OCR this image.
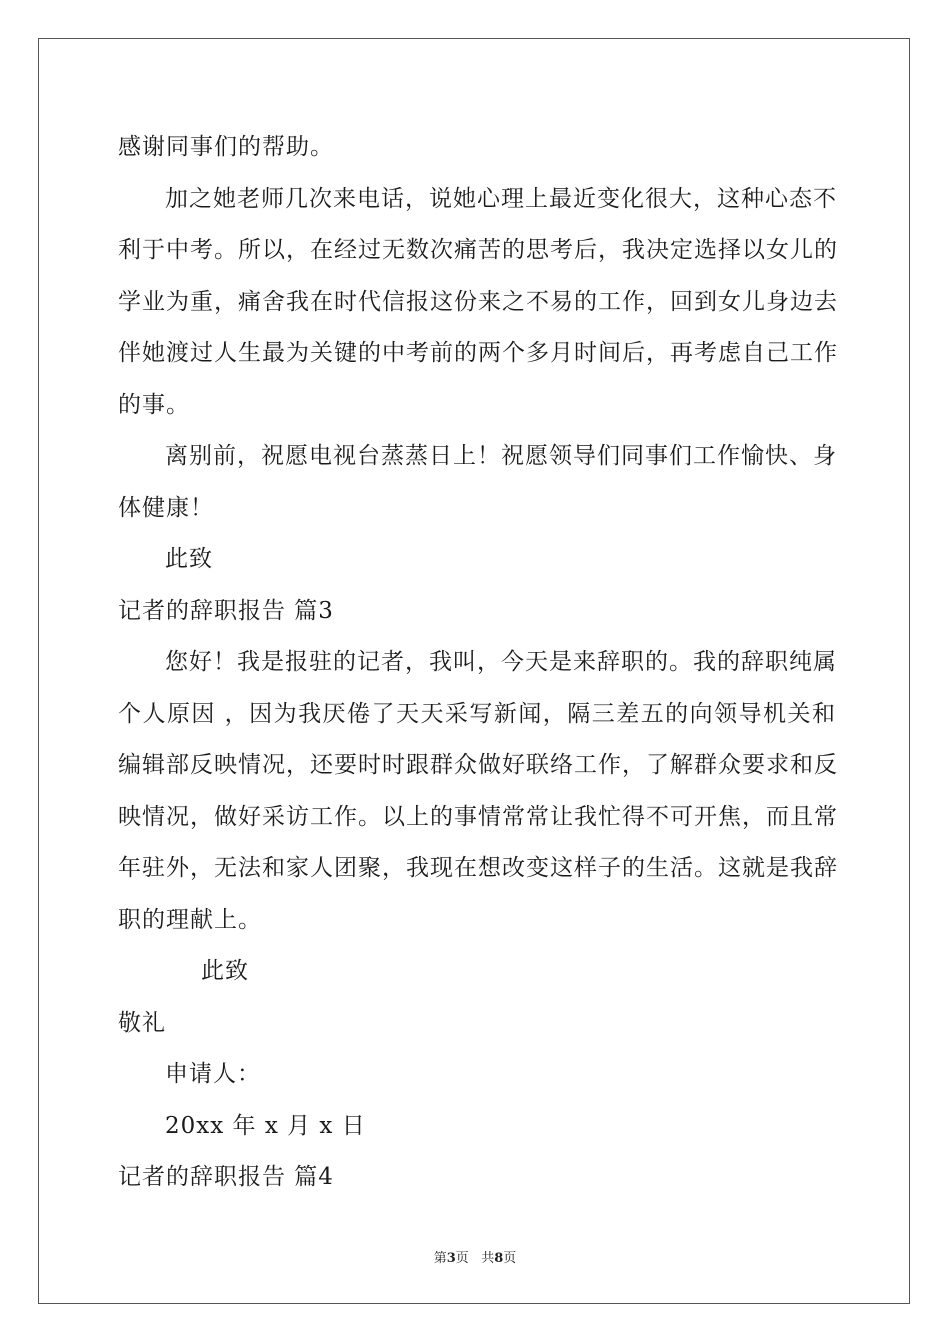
感谢同事们的帮助。
加之她老师几次来电话，说她心理上最近变化很大，这种心态不
利于中考。所以，在经过无数次痛苦的思考后，我决定选择以女儿的
学业为重，痛舍我在时代信报这份来之不易的工作，回到女儿身边去
伴她渡过人生最为关键的中考前的两个多月时间后，再考虑自己工作
的事。
离别前，祝愿电视台蒸蒸日上！祝愿领导们同事们工作愉快、身
体健康！
此致
记者的辞职报告 篇3
您好！我是报驻的记者，我叫，今天是来辞职的。我的辞职纯属
个人原因 ，因为我厌倦了天天采写新闻，隔三差五的向领导机关和
编辑部反映情况，还要时时跟群众做好联络工作，了解群众要求和反
映情况，做好采访工作。以上的事情常常让我忙得不可开焦，而且常
年驻外，无法和家人团聚，我现在想改变这样子的生活。这就是我辞
职的理献上。
此致
敬礼
申请人：
20xx 年 x 月 x 日
记者的辞职报告 篇4
第3页   共8页
